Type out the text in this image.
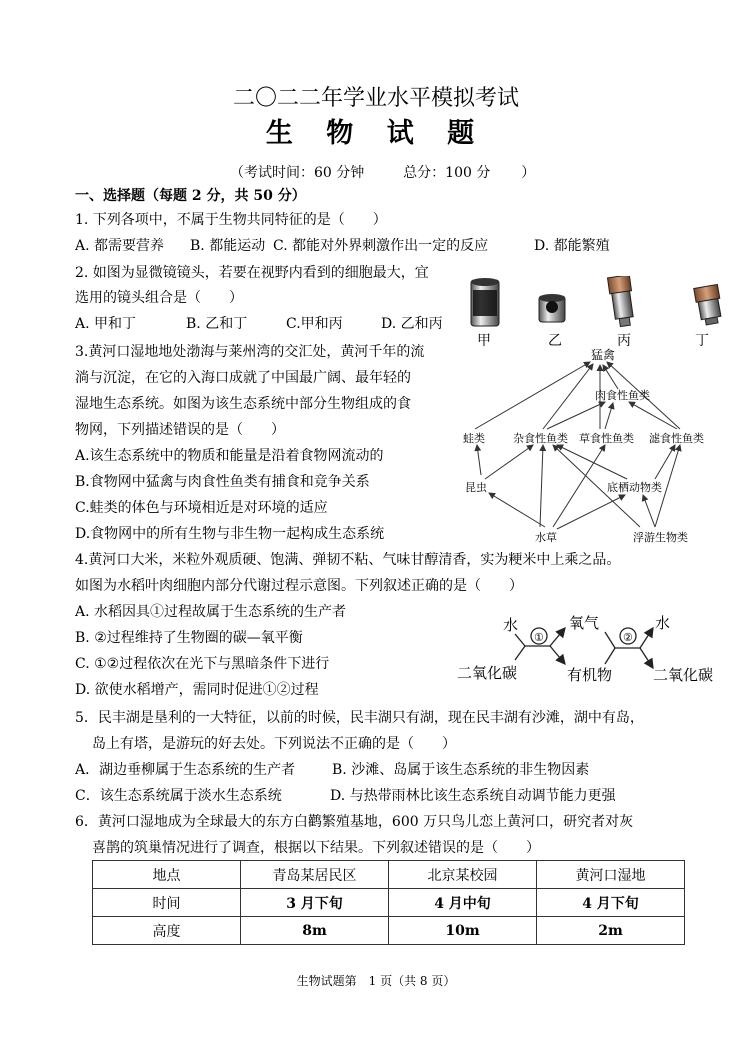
二〇二二年学业水平模拟考试
生 物 试 题
（考试时间：60 分钟	总分：100 分 ）
一、选择题（每题 2 分，共 50 分）
1. 下列各项中，不属于生物共同特征的是（　　）
A. 都需要营养 B. 都能运动 C. 都能对外界刺激作出一定的反应	D. 都能繁殖
2. 如图为显微镜镜头，若要在视野内看到的细胞最大，宜
选用的镜头组合是（　　）
A. 甲和丁	B. 乙和丁	C.甲和丙	D. 乙和丙
甲	乙	丙	丁
3.黄河口湿地地处渤海与莱州湾的交汇处，黄河千年的流
淌与沉淀，在它的入海口成就了中国最广阔、最年轻的
湿地生态系统。如图为该生态系统中部分生物组成的食
物网，下列描述错误的是（　　）
A.该生态系统中的物质和能量是沿着食物网流动的
B.食物网中猛禽与肉食性鱼类有捕食和竞争关系
C.蛙类的体色与环境相近是对环境的适应
D.食物网中的所有生物与非生物一起构成生态系统
猛禽
肉食性鱼类
蛙类	杂食性鱼类 草食性鱼类 滤食性鱼类
昆虫	底栖动物类
水草	浮游生物类
4.黄河口大米，米粒外观质硬、饱满、弹韧不粘、气味甘醇清香，实为粳米中上乘之品。
如图为水稻叶肉细胞内部分代谢过程示意图。下列叙述正确的是（　　）
A. 水稻因具①过程故属于生态系统的生产者
B. ②过程维持了生物圈的碳—氧平衡
C. ①②过程依次在光下与黑暗条件下进行
D. 欲使水稻增产，需同时促进①②过程
水
二氧化碳
①
氧气
有机物
②
水
二氧化碳
5．民丰湖是垦利的一大特征，以前的时候，民丰湖只有湖，现在民丰湖有沙滩，湖中有岛，
岛上有塔，是游玩的好去处。下列说法不正确的是（　　）
A．湖边垂柳属于生态系统的生产者	B. 沙滩、岛属于该生态系统的非生物因素
C．该生态系统属于淡水生态系统	D. 与热带雨林比该生态系统自动调节能力更强
6．黄河口湿地成为全球最大的东方白鹳繁殖基地，600 万只鸟儿恋上黄河口，研究者对灰
喜鹊的筑巢情况进行了调查，根据以下结果。下列叙述错误的是（　　）
地点	青岛某居民区	北京某校园	黄河口湿地
时间	3 月下旬	4 月中旬	4 月下旬
高度	8m	10m	2m
生物试题第　1 页（共 8 页）
